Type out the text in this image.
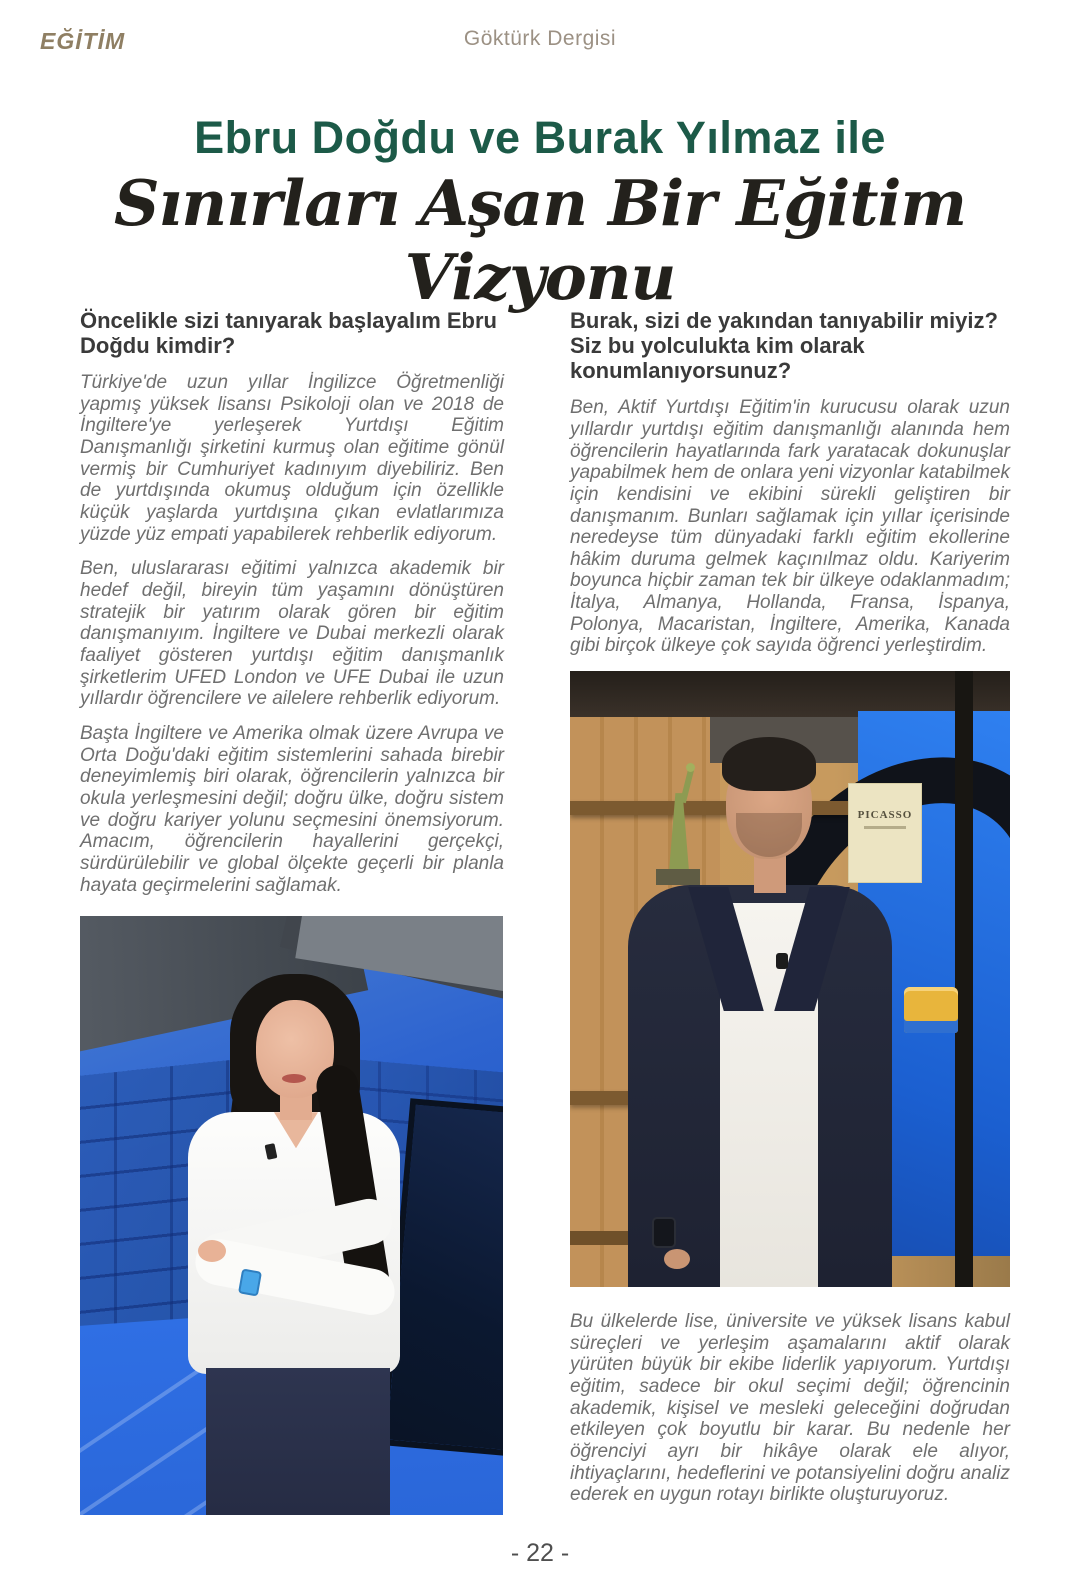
EĞİTİM	Göktürk Dergisi
Ebru Doğdu ve Burak Yılmaz ile
Sınırları Aşan Bir Eğitim Vizyonu

Öncelikle sizi tanıyarak başlayalım Ebru Doğdu kimdir?

Türkiye'de uzun yıllar İngilizce Öğretmenliği yapmış yüksek lisansı Psikoloji olan ve 2018 de İngiltere'ye yerleşerek Yurtdışı Eğitim Danışmanlığı şirketini kurmuş olan eğitime gönül vermiş bir Cumhuriyet kadınıyım diyebiliriz. Ben de yurtdışında okumuş olduğum için özellikle küçük yaşlarda yurtdışına çıkan evlatlarımıza yüzde yüz empati yapabilerek rehberlik ediyorum.

Ben, uluslararası eğitimi yalnızca akademik bir hedef değil, bireyin tüm yaşamını dönüştüren stratejik bir yatırım olarak gören bir eğitim danışmanıyım. İngiltere ve Dubai merkezli olarak faaliyet gösteren yurtdışı eğitim danışmanlık şirketlerim UFED London ve UFE Dubai ile uzun yıllardır öğrencilere ve ailelere rehberlik ediyorum.

Başta İngiltere ve Amerika olmak üzere Avrupa ve Orta Doğu'daki eğitim sistemlerini sahada birebir deneyimlemiş biri olarak, öğrencilerin yalnızca bir okula yerleşmesini değil; doğru ülke, doğru sistem ve doğru kariyer yolunu seçmesini önemsiyorum. Amacım, öğrencilerin hayallerini gerçekçi, sürdürülebilir ve global ölçekte geçerli bir planla hayata geçirmelerini sağlamak.

Burak, sizi de yakından tanıyabilir miyiz? Siz bu yolculukta kim olarak konumlanıyorsunuz?

Ben, Aktif Yurtdışı Eğitim'in kurucusu olarak uzun yıllardır yurtdışı eğitim danışmanlığı alanında hem öğrencilerin hayatlarında fark yaratacak dokunuşlar yapabilmek hem de onlara yeni vizyonlar katabilmek için kendisini ve ekibini sürekli geliştiren bir danışmanım. Bunları sağlamak için yıllar içerisinde neredeyse tüm dünyadaki farklı eğitim ekollerine hâkim duruma gelmek kaçınılmaz oldu. Kariyerim boyunca hiçbir zaman tek bir ülkeye odaklanmadım; İtalya, Almanya, Hollanda, Fransa, İspanya, Polonya, Macaristan, İngiltere, Amerika, Kanada gibi birçok ülkeye çok sayıda öğrenci yerleştirdim.

PICASSO

Bu ülkelerde lise, üniversite ve yüksek lisans kabul süreçleri ve yerleşim aşamalarını aktif olarak yürüten büyük bir ekibe liderlik yapıyorum. Yurtdışı eğitim, sadece bir okul seçimi değil; öğrencinin akademik, kişisel ve mesleki geleceğini doğrudan etkileyen çok boyutlu bir karar. Bu nedenle her öğrenciyi ayrı bir hikâye olarak ele alıyor, ihtiyaçlarını, hedeflerini ve potansiyelini doğru analiz ederek en uygun rotayı birlikte oluşturuyoruz.

- 22 -
